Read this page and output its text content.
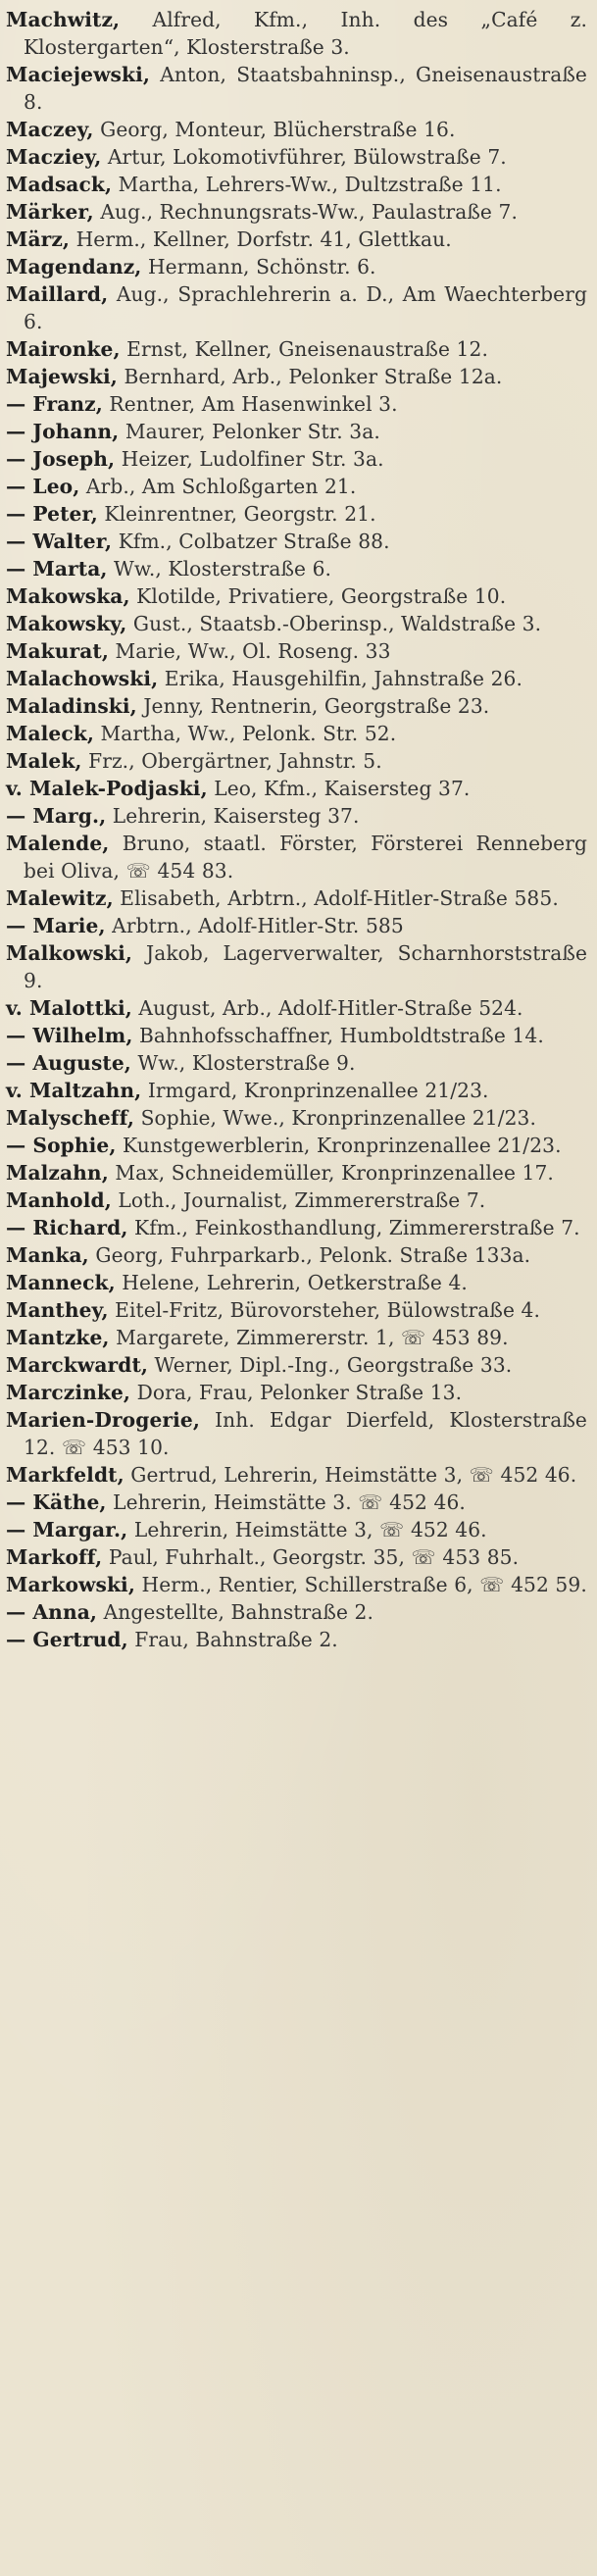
Machwitz, Alfred, Kfm., Inh. des „Café z. Klostergarten“, Klosterstraße 3.

Maciejewski, Anton, Staatsbahninsp., Gneisenaustraße 8.

Maczey, Georg, Monteur, Blücherstraße 16.

Macziey, Artur, Lokomotivführer, Bülowstraße 7.

Madsack, Martha, Lehrers-Ww., Dultzstraße 11.

Märker, Aug., Rechnungsrats-Ww., Paulastraße 7.

März, Herm., Kellner, Dorfstr. 41, Glettkau.

Magendanz, Hermann, Schönstr. 6.

Maillard, Aug., Sprachlehrerin a. D., Am Waechterberg 6.

Maironke, Ernst, Kellner, Gneisenaustraße 12.

Majewski, Bernhard, Arb., Pelonker Straße 12a.

— Franz, Rentner, Am Hasenwinkel 3.

— Johann, Maurer, Pelonker Str. 3a.

— Joseph, Heizer, Ludolfiner Str. 3a.

— Leo, Arb., Am Schloßgarten 21.

— Peter, Kleinrentner, Georgstr. 21.

— Walter, Kfm., Colbatzer Straße 88.

— Marta, Ww., Klosterstraße 6.

Makowska, Klotilde, Privatiere, Georgstraße 10.

Makowsky, Gust., Staatsb.-Oberinsp., Waldstraße 3.

Makurat, Marie, Ww., Ol. Roseng. 33

Malachowski, Erika, Hausgehilfin, Jahnstraße 26.

Maladinski, Jenny, Rentnerin, Georgstraße 23.

Maleck, Martha, Ww., Pelonk. Str. 52.

Malek, Frz., Obergärtner, Jahnstr. 5.

v. Malek-Podjaski, Leo, Kfm., Kaisersteg 37.

— Marg., Lehrerin, Kaisersteg 37.

Malende, Bruno, staatl. Förster, Försterei Renneberg bei Oliva, ☏ 454 83.

Malewitz, Elisabeth, Arbtrn., Adolf-Hitler-Straße 585.

— Marie, Arbtrn., Adolf-Hitler-Str. 585

Malkowski, Jakob, Lagerverwalter, Scharnhorststraße 9.

v. Malottki, August, Arb., Adolf-Hitler-Straße 524.

— Wilhelm, Bahnhofsschaffner, Humboldtstraße 14.

— Auguste, Ww., Klosterstraße 9.

v. Maltzahn, Irmgard, Kronprinzenallee 21/23.

Malyscheff, Sophie, Wwe., Kronprinzenallee 21/23.

— Sophie, Kunstgewerblerin, Kronprinzenallee 21/23.

Malzahn, Max, Schneidemüller, Kronprinzenallee 17.

Manhold, Loth., Journalist, Zimmererstraße 7.

— Richard, Kfm., Feinkosthandlung, Zimmererstraße 7.

Manka, Georg, Fuhrparkarb., Pelonk. Straße 133a.

Manneck, Helene, Lehrerin, Oetkerstraße 4.

Manthey, Eitel-Fritz, Bürovorsteher, Bülowstraße 4.

Mantzke, Margarete, Zimmererstr. 1, ☏ 453 89.

Marckwardt, Werner, Dipl.-Ing., Georgstraße 33.

Marczinke, Dora, Frau, Pelonker Straße 13.

Marien-Drogerie, Inh. Edgar Dierfeld, Klosterstraße 12. ☏ 453 10.

Markfeldt, Gertrud, Lehrerin, Heimstätte 3, ☏ 452 46.

— Käthe, Lehrerin, Heimstätte 3. ☏ 452 46.

— Margar., Lehrerin, Heimstätte 3, ☏ 452 46.

Markoff, Paul, Fuhrhalt., Georgstr. 35, ☏ 453 85.

Markowski, Herm., Rentier, Schillerstraße 6, ☏ 452 59.

— Anna, Angestellte, Bahnstraße 2.

— Gertrud, Frau, Bahnstraße 2.
